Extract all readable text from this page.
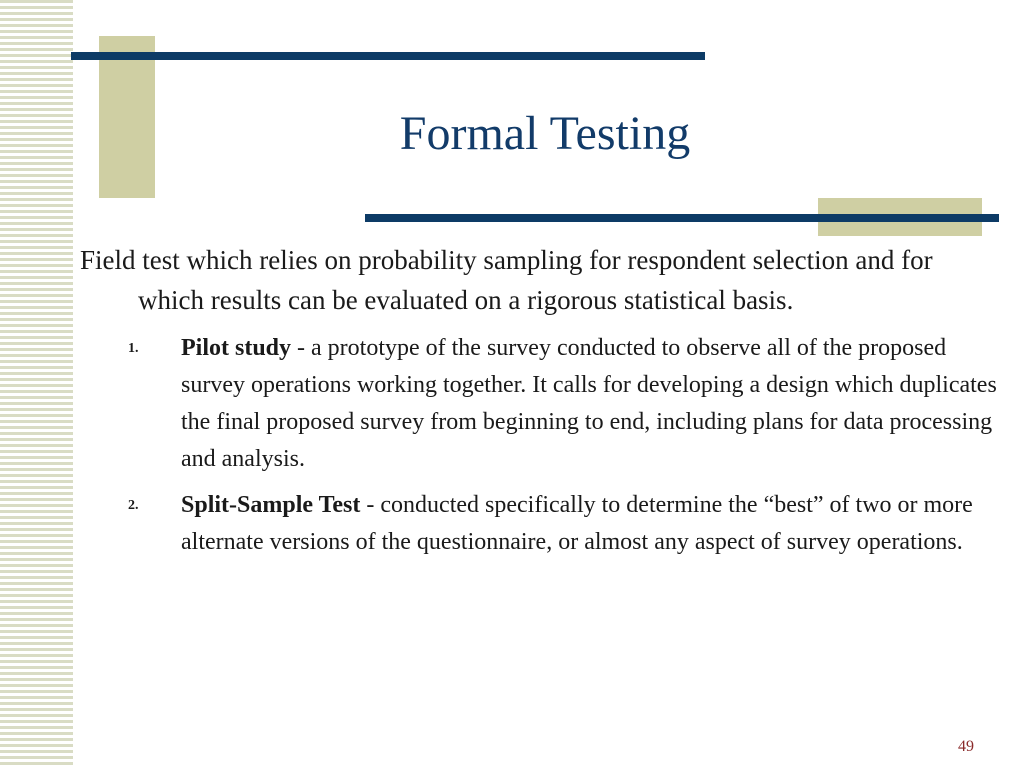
Formal Testing

Field test which relies on probability sampling for respondent selection and for which results can be evaluated on a rigorous statistical basis.

1. Pilot study - a prototype of the survey conducted to observe all of the proposed survey operations working together. It calls for developing a design which duplicates the final proposed survey from beginning to end, including plans for data processing and analysis.
2. Split-Sample Test - conducted specifically to determine the “best” of two or more alternate versions of the questionnaire, or almost any aspect of survey operations.
49
